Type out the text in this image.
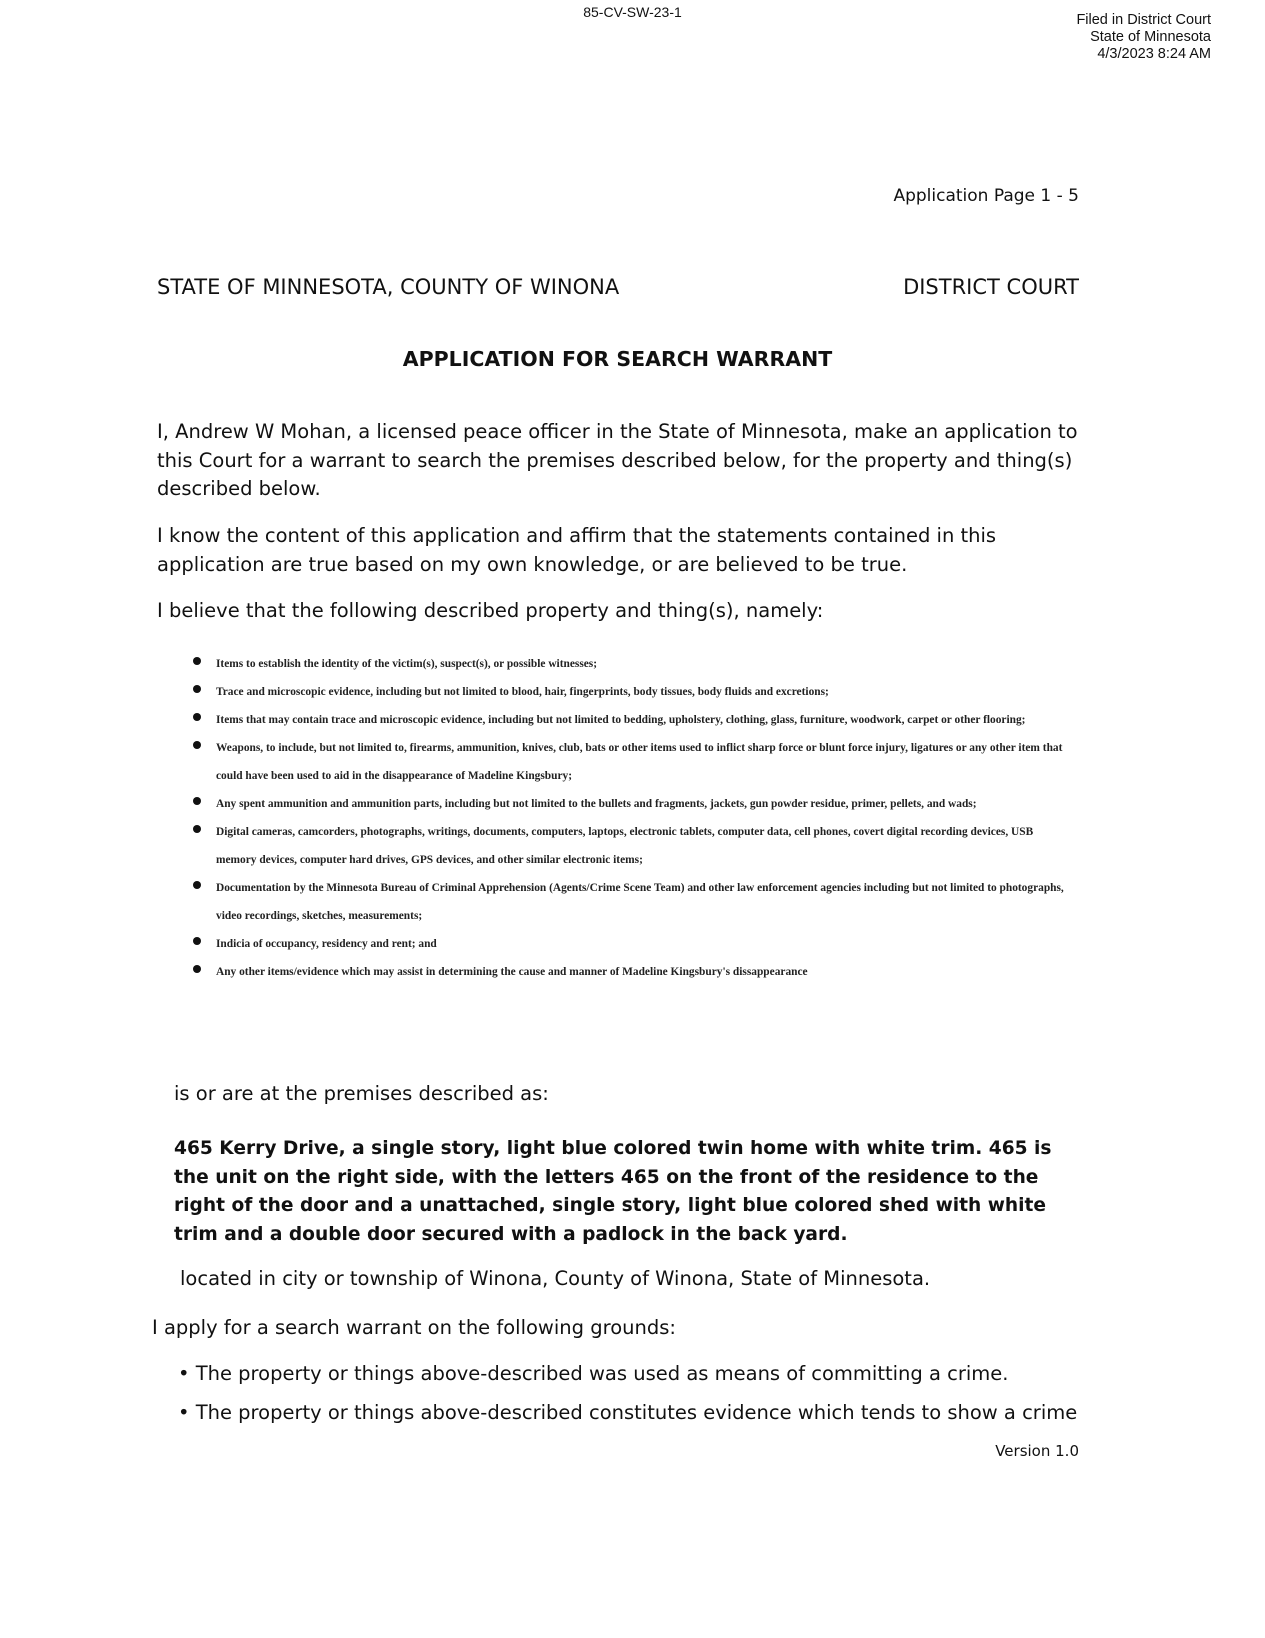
85-CV-SW-23-1	Filed in District Court
State of Minnesota
4/3/2023 8:24 AM
Application Page 1 - 5
STATE OF MINNESOTA, COUNTY OF WINONA	DISTRICT COURT
APPLICATION FOR SEARCH WARRANT
I, Andrew W Mohan, a licensed peace officer in the State of Minnesota, make an application to this Court for a warrant to search the premises described below, for the property and thing(s) described below.
I know the content of this application and affirm that the statements contained in this application are true based on my own knowledge, or are believed to be true.
I believe that the following described property and thing(s), namely:
Items to establish the identity of the victim(s), suspect(s), or possible witnesses;
Trace and microscopic evidence, including but not limited to blood, hair, fingerprints, body tissues, body fluids and excretions;
Items that may contain trace and microscopic evidence, including but not limited to bedding, upholstery, clothing, glass, furniture, woodwork, carpet or other flooring;
Weapons, to include, but not limited to, firearms, ammunition, knives, club, bats or other items used to inflict sharp force or blunt force injury, ligatures or any other item that could have been used to aid in the disappearance of Madeline Kingsbury;
Any spent ammunition and ammunition parts, including but not limited to the bullets and fragments, jackets, gun powder residue, primer, pellets, and wads;
Digital cameras, camcorders, photographs, writings, documents, computers, laptops, electronic tablets, computer data, cell phones, covert digital recording devices, USB memory devices, computer hard drives, GPS devices, and other similar electronic items;
Documentation by the Minnesota Bureau of Criminal Apprehension (Agents/Crime Scene Team) and other law enforcement agencies including but not limited to photographs, video recordings, sketches, measurements;
Indicia of occupancy, residency and rent; and
Any other items/evidence which may assist in determining the cause and manner of Madeline Kingsbury's dissappearance
is or are at the premises described as:
465 Kerry Drive, a single story, light blue colored twin home with white trim. 465 is the unit on the right side, with the letters 465 on the front of the residence to the right of the door and a unattached, single story, light blue colored shed with white trim and a double door secured with a padlock in the back yard.
located in city or township of Winona, County of Winona, State of Minnesota.
I apply for a search warrant on the following grounds:
• The property or things above-described was used as means of committing a crime.
• The property or things above-described constitutes evidence which tends to show a crime
Version 1.0
